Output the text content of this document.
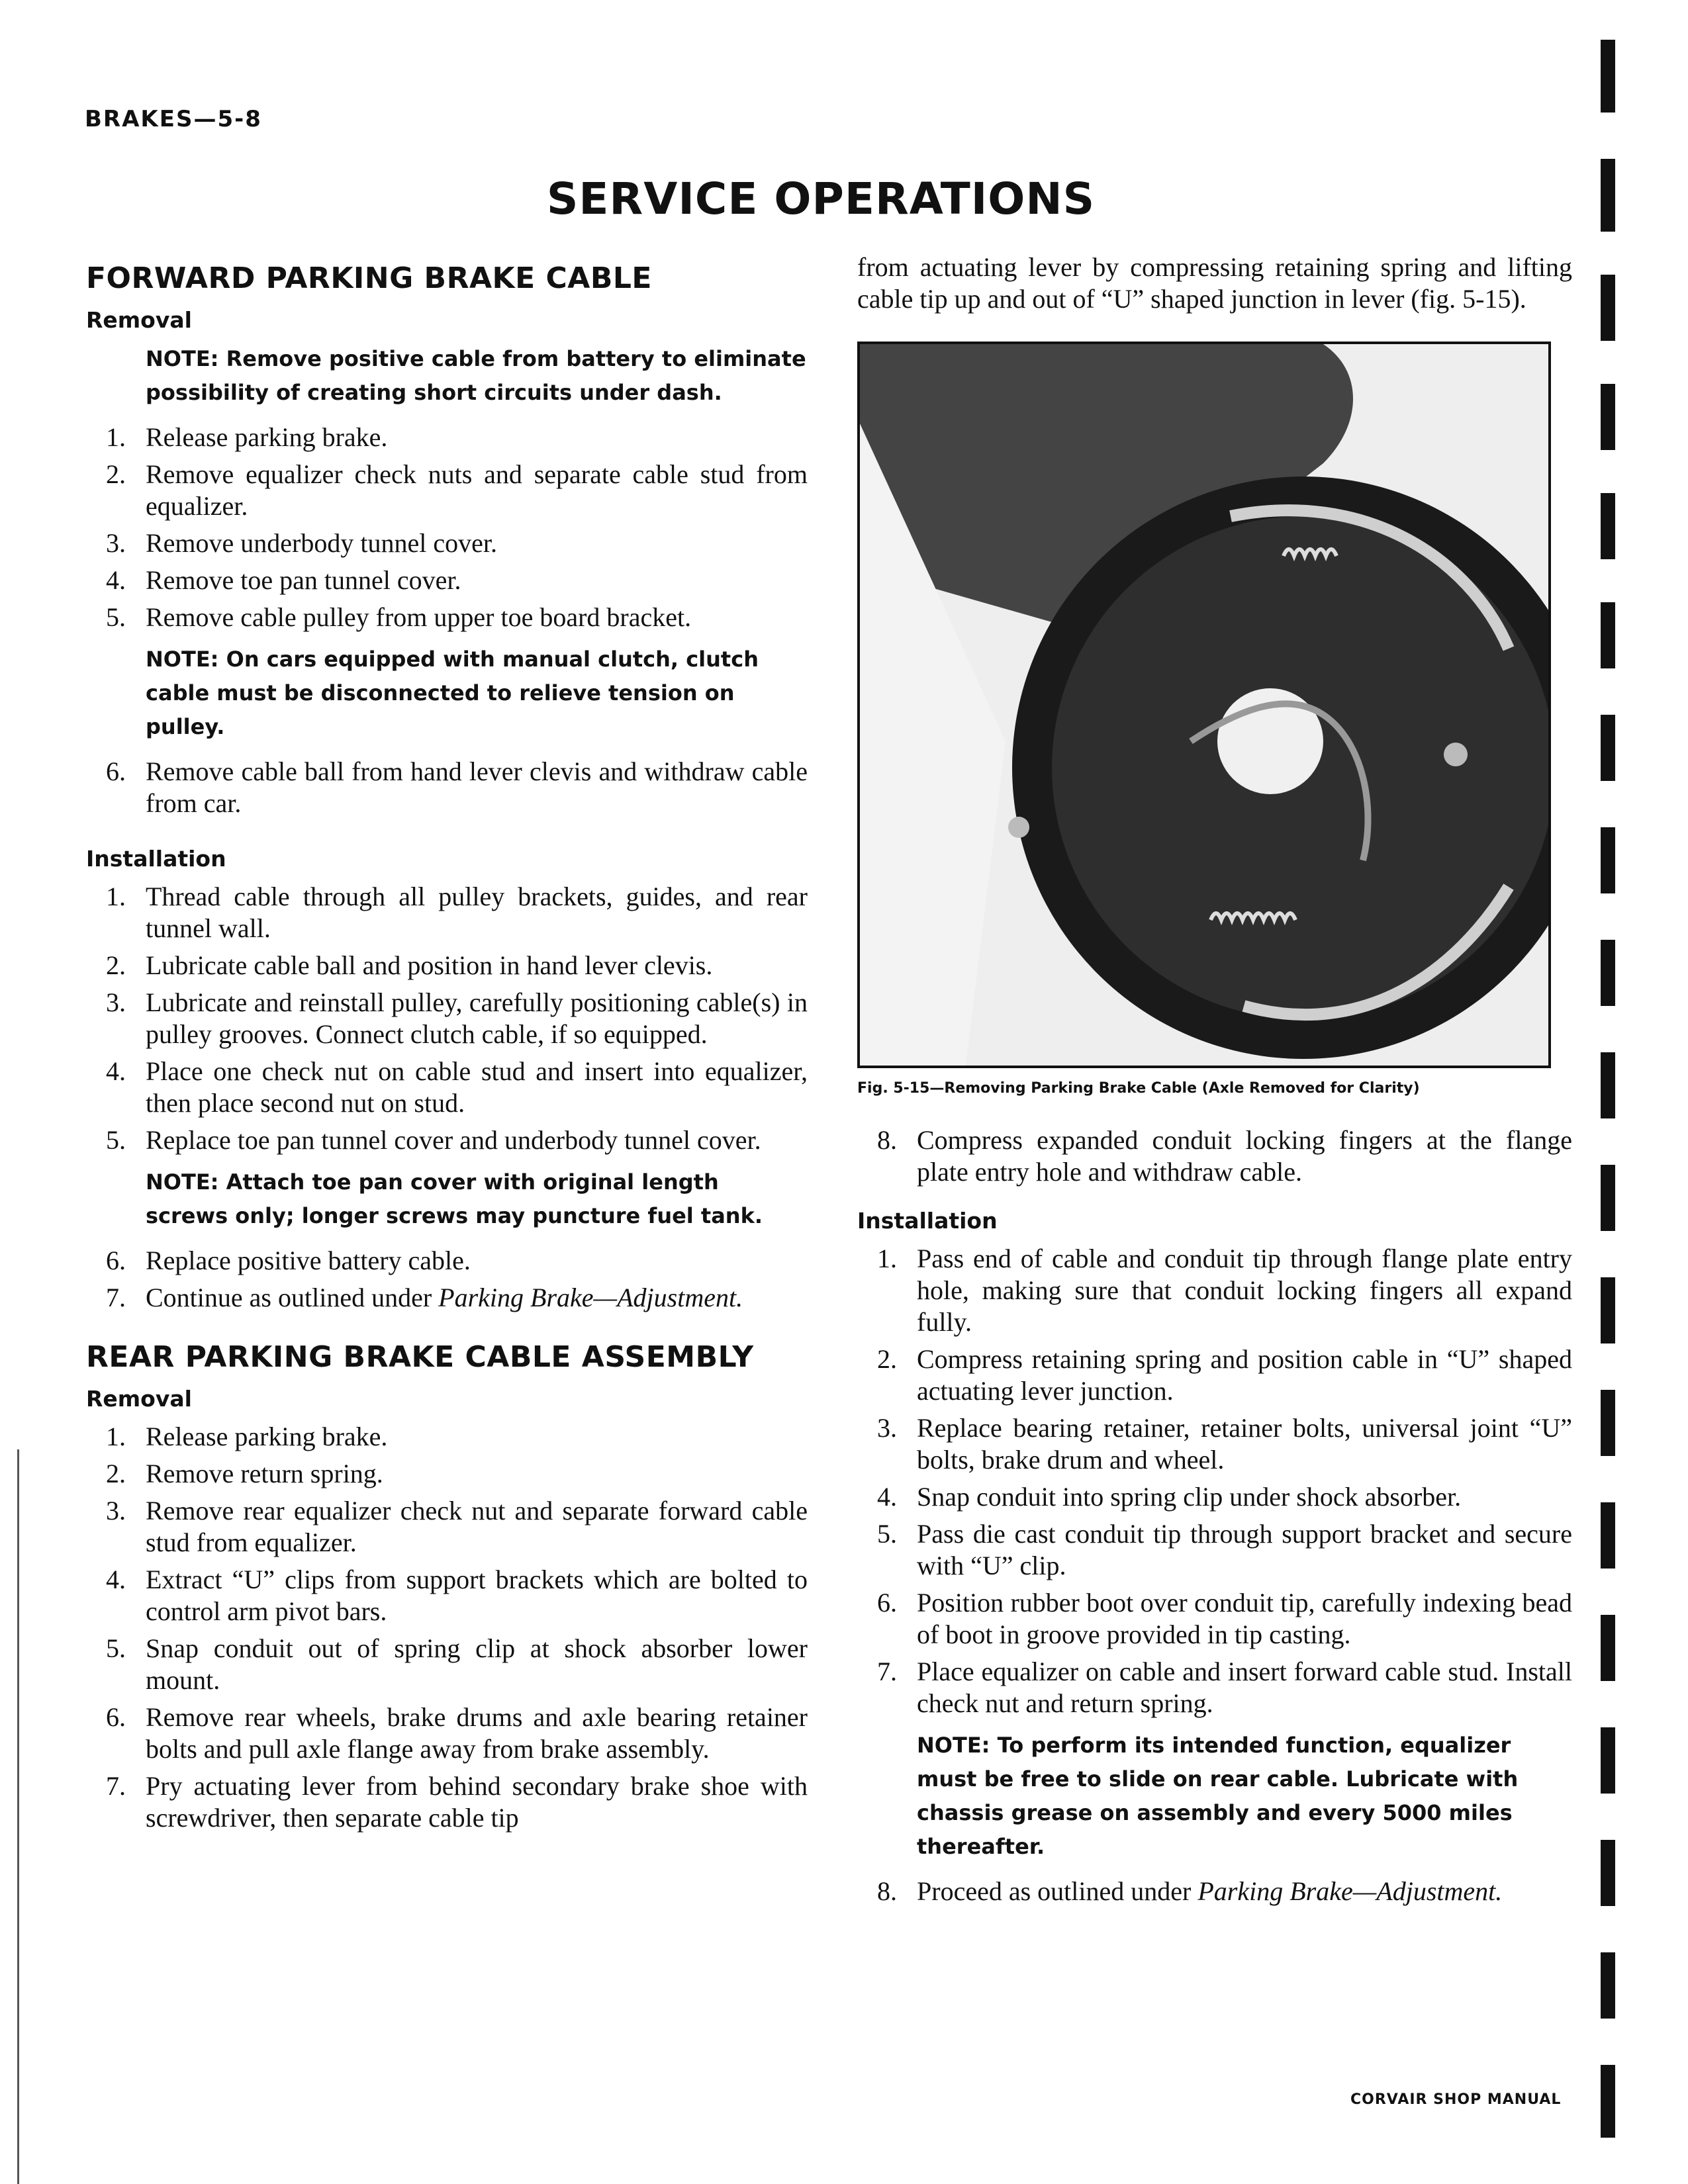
BRAKES—5-8
SERVICE OPERATIONS
FORWARD PARKING BRAKE CABLE
Removal
NOTE: Remove positive cable from battery to eliminate possibility of creating short circuits under dash.
1. Release parking brake.
2. Remove equalizer check nuts and separate cable stud from equalizer.
3. Remove underbody tunnel cover.
4. Remove toe pan tunnel cover.
5. Remove cable pulley from upper toe board bracket.
NOTE: On cars equipped with manual clutch, clutch cable must be disconnected to relieve tension on pulley.
6. Remove cable ball from hand lever clevis and withdraw cable from car.
Installation
1. Thread cable through all pulley brackets, guides, and rear tunnel wall.
2. Lubricate cable ball and position in hand lever clevis.
3. Lubricate and reinstall pulley, carefully positioning cable(s) in pulley grooves. Connect clutch cable, if so equipped.
4. Place one check nut on cable stud and insert into equalizer, then place second nut on stud.
5. Replace toe pan tunnel cover and underbody tunnel cover.
NOTE: Attach toe pan cover with original length screws only; longer screws may puncture fuel tank.
6. Replace positive battery cable.
7. Continue as outlined under Parking Brake—Adjustment.
REAR PARKING BRAKE CABLE ASSEMBLY
Removal
1. Release parking brake.
2. Remove return spring.
3. Remove rear equalizer check nut and separate forward cable stud from equalizer.
4. Extract “U” clips from support brackets which are bolted to control arm pivot bars.
5. Snap conduit out of spring clip at shock absorber lower mount.
6. Remove rear wheels, brake drums and axle bearing retainer bolts and pull axle flange away from brake assembly.
7. Pry actuating lever from behind secondary brake shoe with screwdriver, then separate cable tip
from actuating lever by compressing retaining spring and lifting cable tip up and out of “U” shaped junction in lever (fig. 5-15).
Fig. 5-15—Removing Parking Brake Cable (Axle Removed for Clarity)
8. Compress expanded conduit locking fingers at the flange plate entry hole and withdraw cable.
Installation
1. Pass end of cable and conduit tip through flange plate entry hole, making sure that conduit locking fingers all expand fully.
2. Compress retaining spring and position cable in “U” shaped actuating lever junction.
3. Replace bearing retainer, retainer bolts, universal joint “U” bolts, brake drum and wheel.
4. Snap conduit into spring clip under shock absorber.
5. Pass die cast conduit tip through support bracket and secure with “U” clip.
6. Position rubber boot over conduit tip, carefully indexing bead of boot in groove provided in tip casting.
7. Place equalizer on cable and insert forward cable stud. Install check nut and return spring.
NOTE: To perform its intended function, equalizer must be free to slide on rear cable. Lubricate with chassis grease on assembly and every 5000 miles thereafter.
8. Proceed as outlined under Parking Brake—Adjustment.
CORVAIR SHOP MANUAL
